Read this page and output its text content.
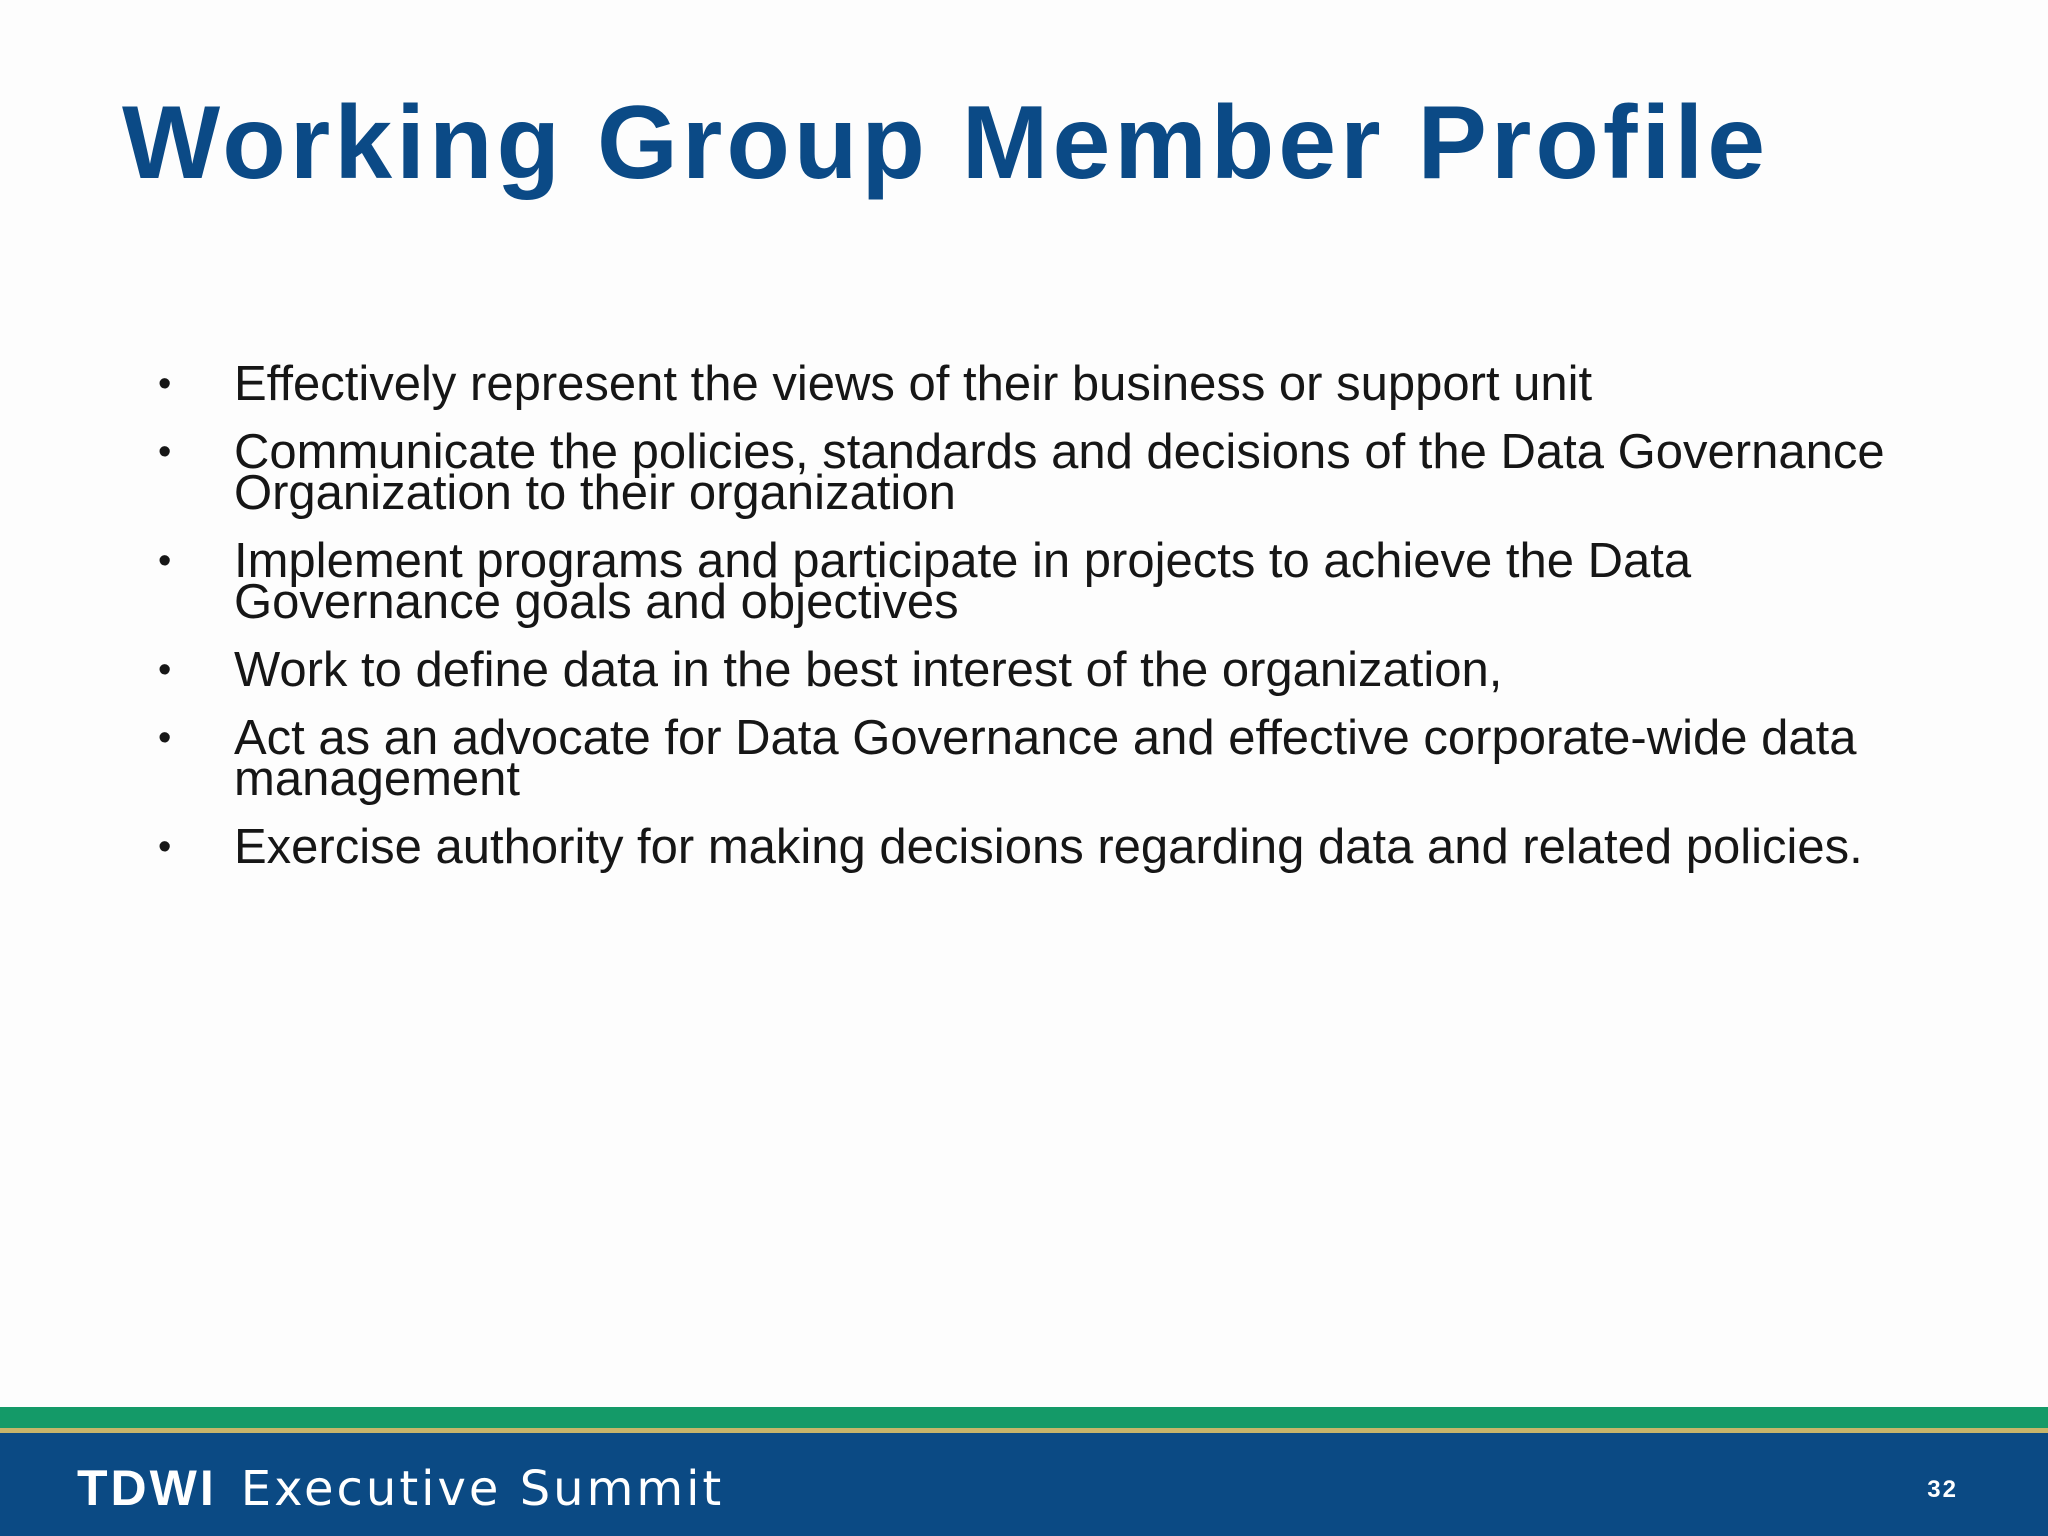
Working Group Member Profile
• Effectively represent the views of their business or support unit
• Communicate the policies, standards and decisions of the Data Governance
Organization to their organization
• Implement programs and participate in projects to achieve the Data
Governance goals and objectives
• Work to define data in the best interest of the organization,
• Act as an advocate for Data Governance and effective corporate-wide data
management
• Exercise authority for making decisions regarding data and related policies.
TDWI Executive Summit	32
